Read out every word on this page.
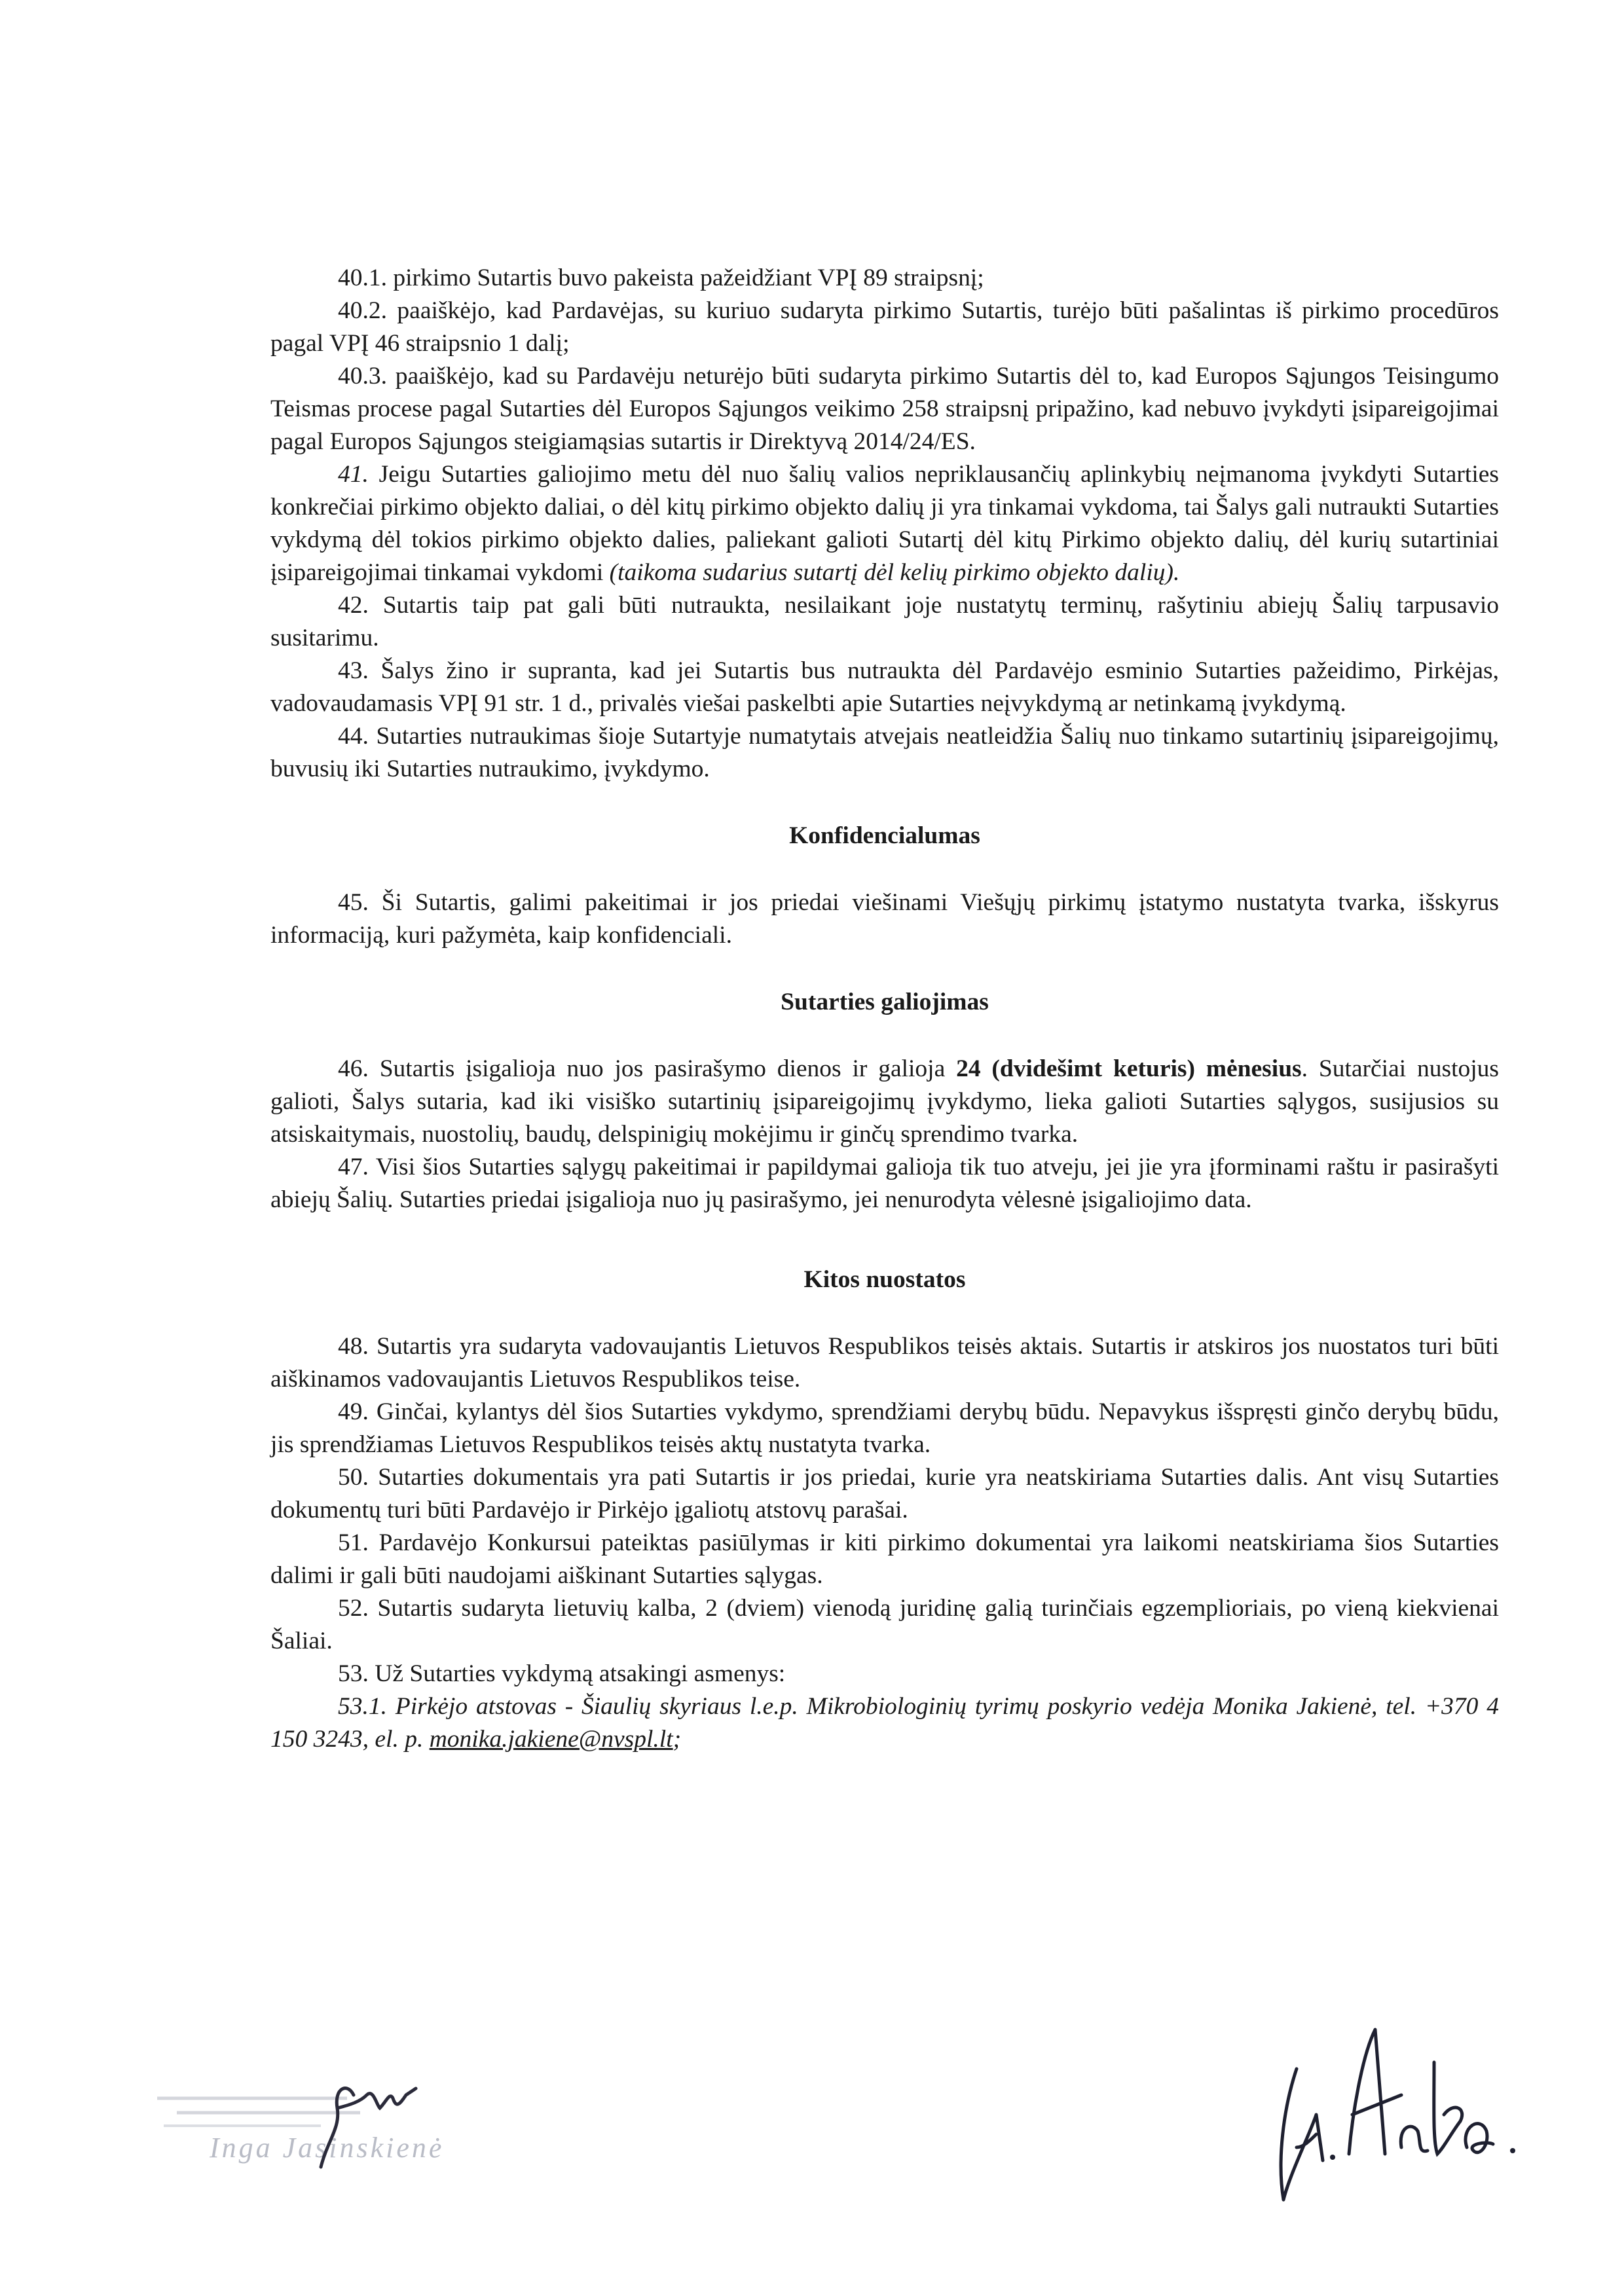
40.1. pirkimo Sutartis buvo pakeista pažeidžiant VPĮ 89 straipsnį;

40.2. paaiškėjo, kad Pardavėjas, su kuriuo sudaryta pirkimo Sutartis, turėjo būti pašalintas iš pirkimo procedūros pagal VPĮ 46 straipsnio 1 dalį;

40.3. paaiškėjo, kad su Pardavėju neturėjo būti sudaryta pirkimo Sutartis dėl to, kad Europos Sąjungos Teisingumo Teismas procese pagal Sutarties dėl Europos Sąjungos veikimo 258 straipsnį pripažino, kad nebuvo įvykdyti įsipareigojimai pagal Europos Sąjungos steigiamąsias sutartis ir Direktyvą 2014/24/ES.

41. Jeigu Sutarties galiojimo metu dėl nuo šalių valios nepriklausančių aplinkybių neįmanoma įvykdyti Sutarties konkrečiai pirkimo objekto daliai, o dėl kitų pirkimo objekto dalių ji yra tinkamai vykdoma, tai Šalys gali nutraukti Sutarties vykdymą dėl tokios pirkimo objekto dalies, paliekant galioti Sutartį dėl kitų Pirkimo objekto dalių, dėl kurių sutartiniai įsipareigojimai tinkamai vykdomi (taikoma sudarius sutartį dėl kelių pirkimo objekto dalių).

42. Sutartis taip pat gali būti nutraukta, nesilaikant joje nustatytų terminų, rašytiniu abiejų Šalių tarpusavio susitarimu.

43. Šalys žino ir supranta, kad jei Sutartis bus nutraukta dėl Pardavėjo esminio Sutarties pažeidimo, Pirkėjas, vadovaudamasis VPĮ 91 str. 1 d., privalės viešai paskelbti apie Sutarties neįvykdymą ar netinkamą įvykdymą.

44. Sutarties nutraukimas šioje Sutartyje numatytais atvejais neatleidžia Šalių nuo tinkamo sutartinių įsipareigojimų, buvusių iki Sutarties nutraukimo, įvykdymo.

Konfidencialumas

45. Ši Sutartis, galimi pakeitimai ir jos priedai viešinami Viešųjų pirkimų įstatymo nustatyta tvarka, išskyrus informaciją, kuri pažymėta, kaip konfidenciali.

Sutarties galiojimas

46. Sutartis įsigalioja nuo jos pasirašymo dienos ir galioja 24 (dvidešimt keturis) mėnesius. Sutarčiai nustojus galioti, Šalys sutaria, kad iki visiško sutartinių įsipareigojimų įvykdymo, lieka galioti Sutarties sąlygos, susijusios su atsiskaitymais, nuostolių, baudų, delspinigių mokėjimu ir ginčų sprendimo tvarka.

47. Visi šios Sutarties sąlygų pakeitimai ir papildymai galioja tik tuo atveju, jei jie yra įforminami raštu ir pasirašyti abiejų Šalių. Sutarties priedai įsigalioja nuo jų pasirašymo, jei nenurodyta vėlesnė įsigaliojimo data.

Kitos nuostatos

48. Sutartis yra sudaryta vadovaujantis Lietuvos Respublikos teisės aktais. Sutartis ir atskiros jos nuostatos turi būti aiškinamos vadovaujantis Lietuvos Respublikos teise.

49. Ginčai, kylantys dėl šios Sutarties vykdymo, sprendžiami derybų būdu. Nepavykus išspręsti ginčo derybų būdu, jis sprendžiamas Lietuvos Respublikos teisės aktų nustatyta tvarka.

50. Sutarties dokumentais yra pati Sutartis ir jos priedai, kurie yra neatskiriama Sutarties dalis. Ant visų Sutarties dokumentų turi būti Pardavėjo ir Pirkėjo įgaliotų atstovų parašai.

51. Pardavėjo Konkursui pateiktas pasiūlymas ir kiti pirkimo dokumentai yra laikomi neatskiriama šios Sutarties dalimi ir gali būti naudojami aiškinant Sutarties sąlygas.

52. Sutartis sudaryta lietuvių kalba, 2 (dviem) vienodą juridinę galią turinčiais egzemplioriais, po vieną kiekvienai Šaliai.

53. Už Sutarties vykdymą atsakingi asmenys:

53.1. Pirkėjo atstovas - Šiaulių skyriaus l.e.p. Mikrobiologinių tyrimų poskyrio vedėja Monika Jakienė, tel. +370 4 150 3243, el. p. monika.jakiene@nvspl.lt;

Inga Jasinskienė
